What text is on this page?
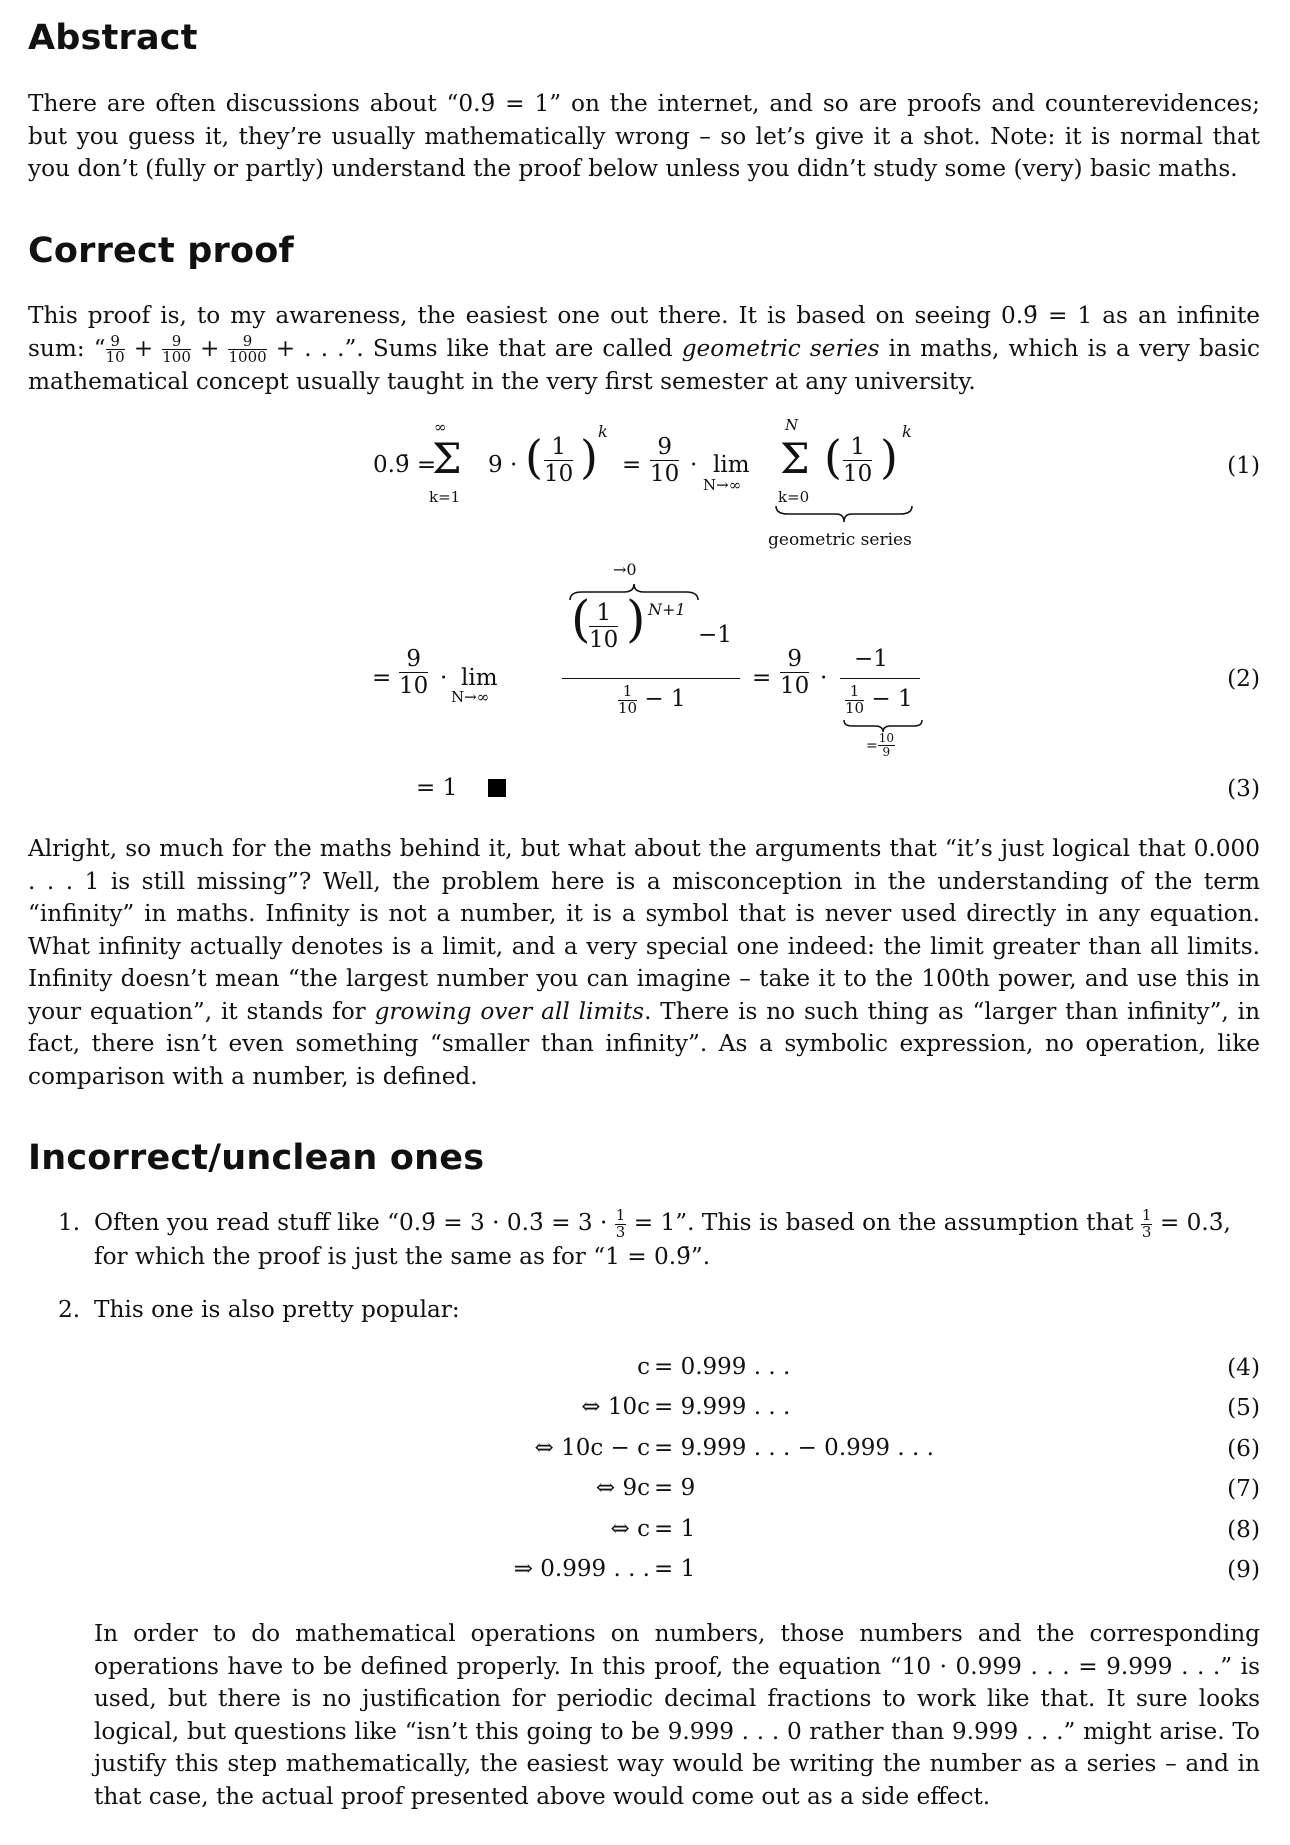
Abstract

There are often discussions about “0.9̄ = 1” on the internet, and so are proofs and counterevidences; but you guess it, they’re usually mathematically wrong – so let’s give it a shot. Note: it is normal that you don’t (fully or partly) understand the proof below unless you didn’t study some (very) basic maths.

Correct proof

This proof is, to my awareness, the easiest one out there. It is based on seeing 0.9̄ = 1 as an infinite sum: “ $\frac{9}{10} + \frac{9}{100} + \frac{9}{1000}$ + . . .”. Sums like that are called geometric series in maths, which is a very basic mathematical concept usually taught in the very first semester at any university.

0.9̄ =
∞
Σ
k=1
9 · ( $\frac{1}{10}$ ) k
= $\frac{9}{10} \cdot \lim$
N→∞
N
Σ
k=0
( $\frac{1}{10}$ ) k
geometric series
(1)
→0
= $\frac{9}{10} \cdot \lim$
N→∞
(
$\frac{1}{10}$ ) N+1
−1
$\frac{1}{10} - 1$
= $\frac{9}{10}$ ·
−1
$\frac{1}{10} - 1$
= $\frac{10}{9}$
(2)
= 1	(3)

Alright, so much for the maths behind it, but what about the arguments that “it’s just logical that 0.000 . . . 1 is still missing”? Well, the problem here is a misconception in the understanding of the term “infinity” in maths. Infinity is not a number, it is a symbol that is never used directly in any equation. What infinity actually denotes is a limit, and a very special one indeed: the limit greater than all limits. Infinity doesn’t mean “the largest number you can imagine – take it to the 100th power, and use this in your equation”, it stands for growing over all limits. There is no such thing as “larger than infinity”, in fact, there isn’t even something “smaller than infinity”. As a symbolic expression, no operation, like comparison with a number, is defined.

Incorrect/unclean ones
1. Often you read stuff like “0.9̄ = 3 · 0.3̄ = $3 \cdot \frac{1}{3} = 1$”. This is based on the assumption that $\frac{1}{3}$ = 0.3̄,
for which the proof is just the same as for “1 = 0.9̄”.
2. This one is also pretty popular:
c = 0.999 . . .	(4)
⇔ 10c = 9.999 . . .	(5)
⇔ 10c − c = 9.999 . . . − 0.999 . . .	(6)
⇔ 9c = 9	(7)
⇔ c = 1	(8)
⇒ 0.999 . . . = 1	(9)

In order to do mathematical operations on numbers, those numbers and the corresponding operations have to be defined properly. In this proof, the equation “10 · 0.999 . . . = 9.999 . . .” is used, but there is no justification for periodic decimal fractions to work like that. It sure looks logical, but questions like “isn’t this going to be 9.999 . . . 0 rather than 9.999 . . .” might arise. To justify this step mathematically, the easiest way would be writing the number as a series – and in that case, the actual proof presented above would come out as a side effect.
